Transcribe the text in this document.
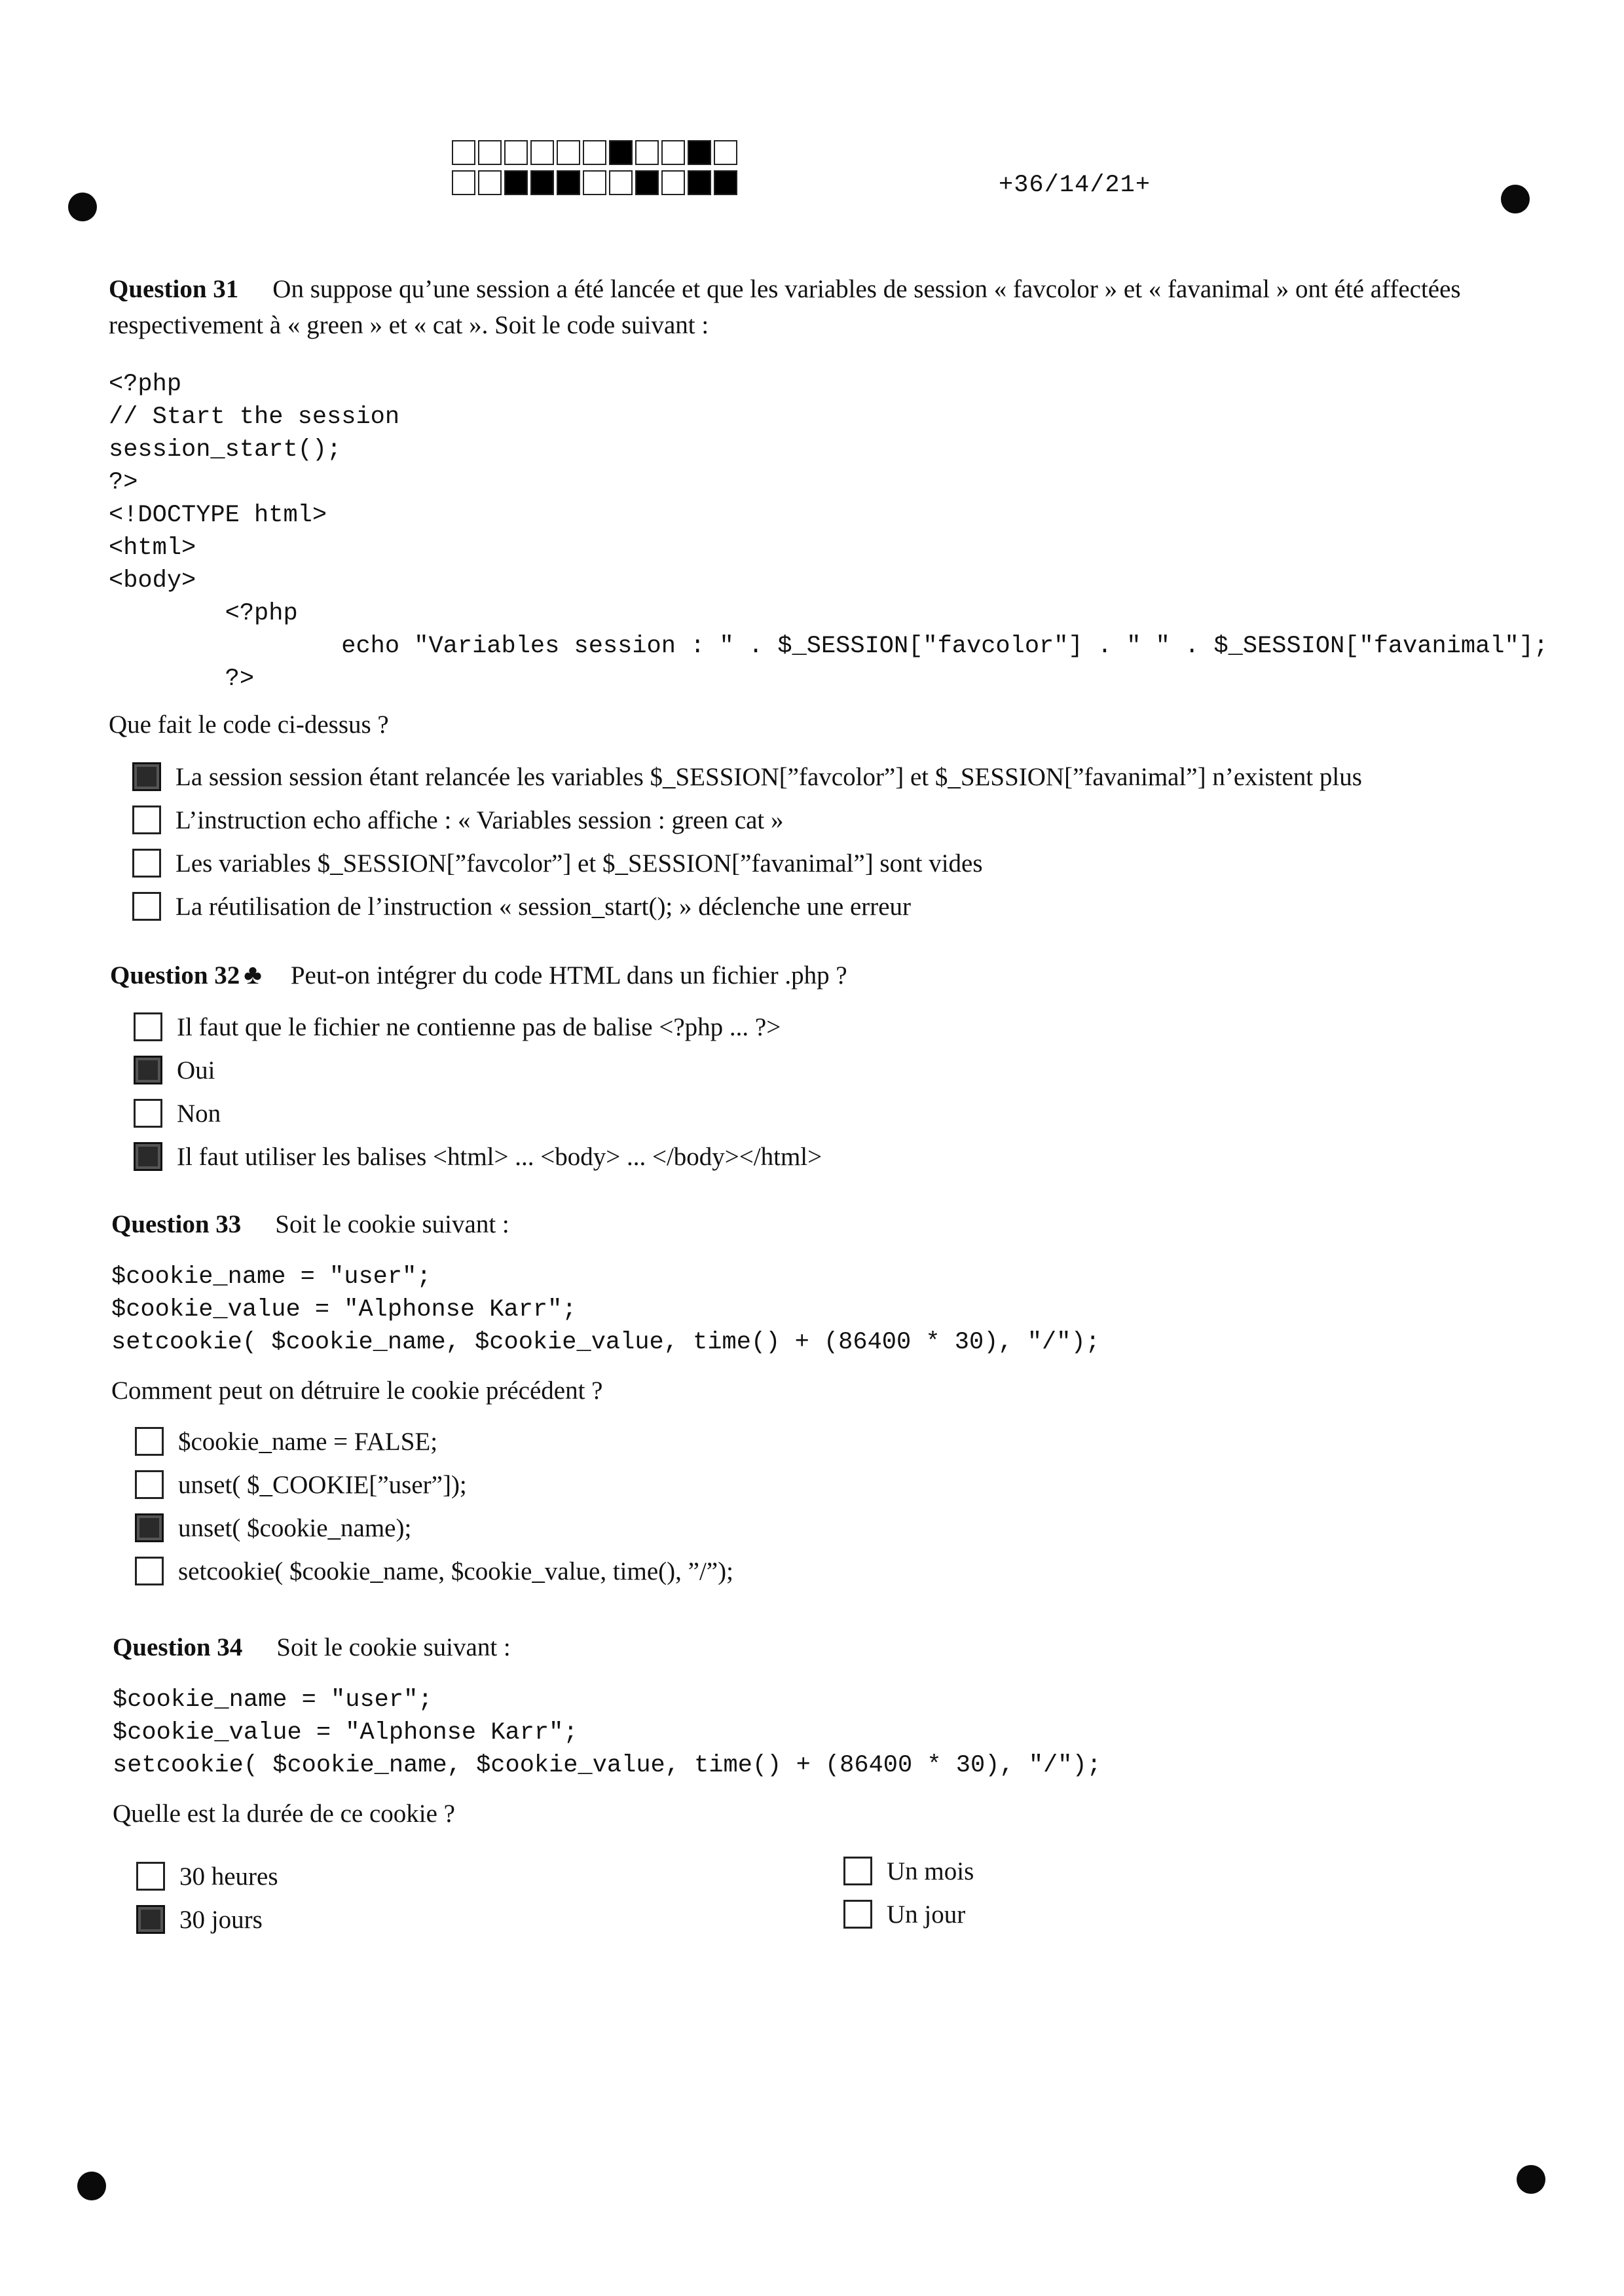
+36/14/21+
Question 31 On suppose qu’une session a été lancée et que les variables de session « favcolor » et « favanimal » ont été affectées respectivement à « green » et « cat ». Soit le code suivant :
<?php
// Start the session
session_start();
?>
<!DOCTYPE html>
<html>
<body>
<?php
echo "Variables session : " . $_SESSION["favcolor"] . " " . $_SESSION["favanimal"];
?>
Que fait le code ci-dessus ?
La session session étant relancée les variables $_SESSION[”favcolor”] et $_SESSION[”favanimal”] n’existent plus
L’instruction echo affiche : « Variables session : green cat »
Les variables $_SESSION[”favcolor”] et $_SESSION[”favanimal”] sont vides
La réutilisation de l’instruction « session_start(); » déclenche une erreur
Question 32 ♣ Peut-on intégrer du code HTML dans un fichier .php ?
Il faut que le fichier ne contienne pas de balise <?php ... ?>
Oui
Non
Il faut utiliser les balises <html> ... <body> ... </body></html>
Question 33 Soit le cookie suivant :
$cookie_name = "user";
$cookie_value = "Alphonse Karr";
setcookie( $cookie_name, $cookie_value, time() + (86400 * 30), "/");
Comment peut on détruire le cookie précédent ?
$cookie_name = FALSE;
unset( $_COOKIE[”user”]);
unset( $cookie_name);
setcookie( $cookie_name, $cookie_value, time(), ”/”);
Question 34 Soit le cookie suivant :
$cookie_name = "user";
$cookie_value = "Alphonse Karr";
setcookie( $cookie_name, $cookie_value, time() + (86400 * 30), "/");
Quelle est la durée de ce cookie ?
30 heures
30 jours
Un mois
Un jour
